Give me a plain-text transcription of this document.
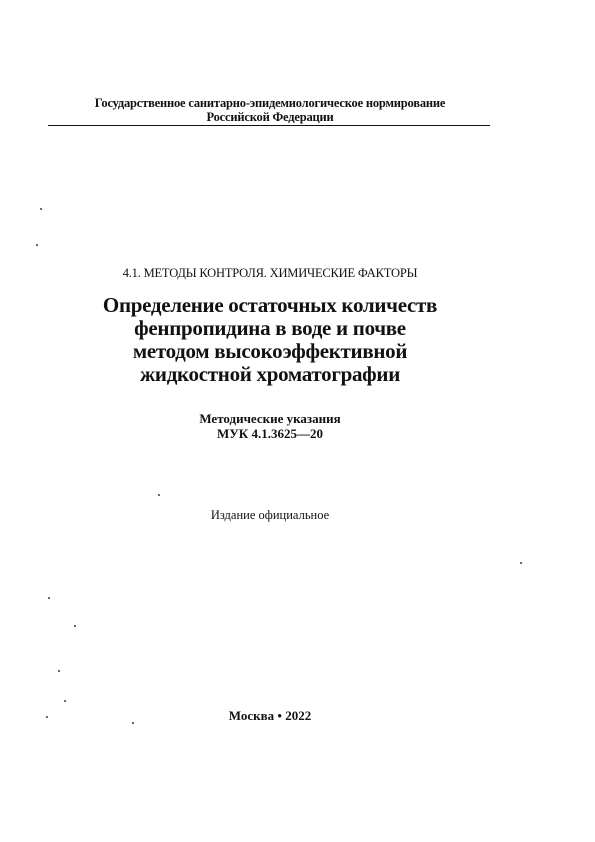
Государственное санитарно-эпидемиологическое нормирование
Российской Федерации
4.1. МЕТОДЫ КОНТРОЛЯ. ХИМИЧЕСКИЕ ФАКТОРЫ
Определение остаточных количеств
фенпропидина в воде и почве
методом высокоэффективной
жидкостной хроматографии
Методические указания
МУК 4.1.3625—20
Издание официальное
Москва • 2022
